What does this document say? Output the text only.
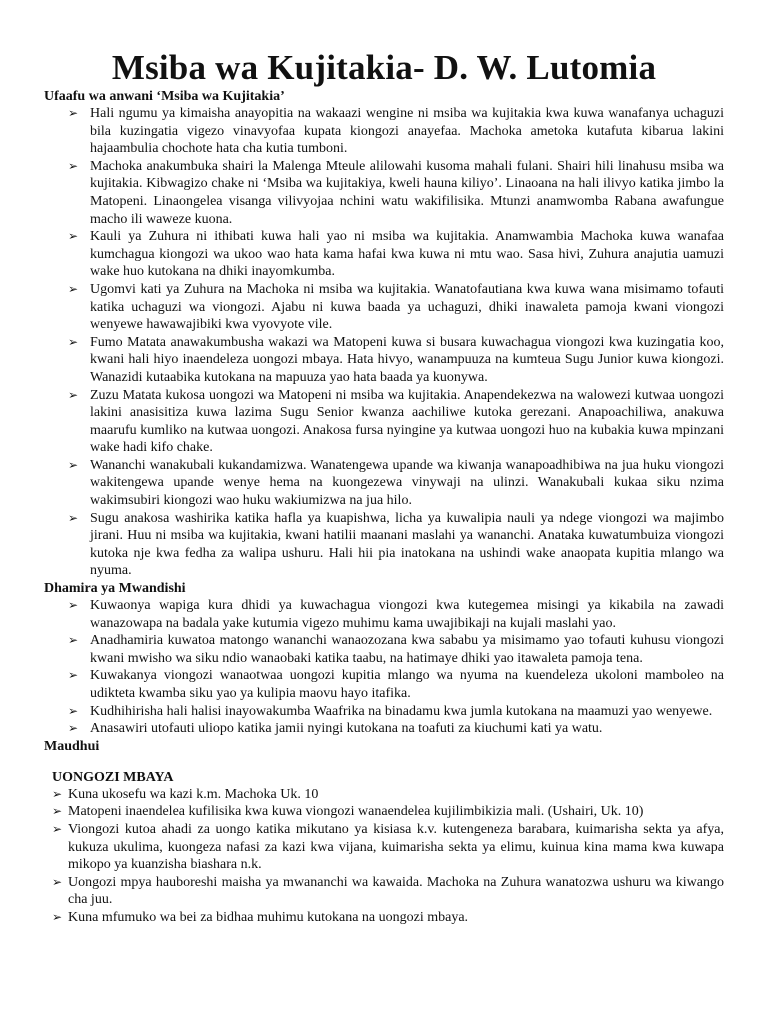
Msiba wa Kujitakia- D. W. Lutomia

Ufaafu wa anwani ‘Msiba wa Kujitakia’

➢ Hali ngumu ya kimaisha anayopitia na wakaazi wengine ni msiba wa kujitakia kwa kuwa wanafanya uchaguzi bila kuzingatia vigezo vinavyofaa kupata kiongozi anayefaa. Machoka ametoka kutafuta kibarua lakini hajaambulia chochote hata cha kutia tumboni.
➢ Machoka anakumbuka shairi la Malenga Mteule alilowahi kusoma mahali fulani. Shairi hili linahusu msiba wa kujitakia. Kibwagizo chake ni ‘Msiba wa kujitakiya, kweli hauna kiliyo’. Linaoana na hali ilivyo katika jimbo la Matopeni. Linaongelea visanga vilivyojaa nchini watu wakifilisika. Mtunzi anamwomba Rabana awafungue macho ili waweze kuona.
➢ Kauli ya Zuhura ni ithibati kuwa hali yao ni msiba wa kujitakia. Anamwambia Machoka kuwa wanafaa kumchagua kiongozi wa ukoo wao hata kama hafai kwa kuwa ni mtu wao. Sasa hivi, Zuhura anajutia uamuzi wake huo kutokana na dhiki inayomkumba.
➢ Ugomvi kati ya Zuhura na Machoka ni msiba wa kujitakia. Wanatofautiana kwa kuwa wana misimamo tofauti katika uchaguzi wa viongozi. Ajabu ni kuwa baada ya uchaguzi, dhiki inawaleta pamoja kwani viongozi wenyewe hawawajibiki kwa vyovyote vile.
➢ Fumo Matata anawakumbusha wakazi wa Matopeni kuwa si busara kuwachagua viongozi kwa kuzingatia koo, kwani hali hiyo inaendeleza uongozi mbaya. Hata hivyo, wanampuuza na kumteua Sugu Junior kuwa kiongozi. Wanazidi kutaabika kutokana na mapuuza yao hata baada ya kuonywa.
➢ Zuzu Matata kukosa uongozi wa Matopeni ni msiba wa kujitakia. Anapendekezwa na walowezi kutwaa uongozi lakini anasisitiza kuwa lazima Sugu Senior kwanza aachiliwe kutoka gerezani. Anapoachiliwa, anakuwa maarufu kumliko na kutwaa uongozi. Anakosa fursa nyingine ya kutwaa uongozi huo na kubakia kuwa mpinzani wake hadi kifo chake.
➢ Wananchi wanakubali kukandamizwa. Wanatengewa upande wa kiwanja wanapoadhibiwa na jua huku viongozi wakitengewa upande wenye hema na kuongezewa vinywaji na ulinzi. Wanakubali kukaa siku nzima wakimsubiri kiongozi wao huku wakiumizwa na jua hilo.
➢ Sugu anakosa washirika katika hafla ya kuapishwa, licha ya kuwalipia nauli ya ndege viongozi wa majimbo jirani. Huu ni msiba wa kujitakia, kwani hatilii maanani maslahi ya wananchi. Anataka kuwatumbuiza viongozi kutoka nje kwa fedha za walipa ushuru. Hali hii pia inatokana na ushindi wake anaopata kupitia mlango wa nyuma.

Dhamira ya Mwandishi

➢ Kuwaonya wapiga kura dhidi ya kuwachagua viongozi kwa kutegemea misingi ya kikabila na zawadi wanazowapa na badala yake kutumia vigezo muhimu kama uwajibikaji na kujali maslahi yao.
➢ Anadhamiria kuwatoa matongo wananchi wanaozozana kwa sababu ya misimamo yao tofauti kuhusu viongozi kwani mwisho wa siku ndio wanaobaki katika taabu, na hatimaye dhiki yao itawaleta pamoja tena.
➢ Kuwakanya viongozi wanaotwaa uongozi kupitia mlango wa nyuma na kuendeleza ukoloni mamboleo na udikteta kwamba siku yao ya kulipia maovu hayo itafika.
➢ Kudhihirisha hali halisi inayowakumba Waafrika na binadamu kwa jumla kutokana na maamuzi yao wenyewe.
➢ Anasawiri utofauti uliopo katika jamii nyingi kutokana na toafuti za kiuchumi kati ya watu.

Maudhui

UONGOZI MBAYA

➢ Kuna ukosefu wa kazi k.m. Machoka Uk. 10
➢ Matopeni inaendelea kufilisika kwa kuwa viongozi wanaendelea kujilimbikizia mali. (Ushairi, Uk. 10)
➢ Viongozi kutoa ahadi za uongo katika mikutano ya kisiasa k.v. kutengeneza barabara, kuimarisha sekta ya afya, kukuza ukulima, kuongeza nafasi za kazi kwa vijana, kuimarisha sekta ya elimu, kuinua kina mama kwa kuwapa mikopo ya kuanzisha biashara n.k.
➢ Uongozi mpya hauboreshi maisha ya mwananchi wa kawaida. Machoka na Zuhura wanatozwa ushuru wa kiwango cha juu.
➢ Kuna mfumuko wa bei za bidhaa muhimu kutokana na uongozi mbaya.
